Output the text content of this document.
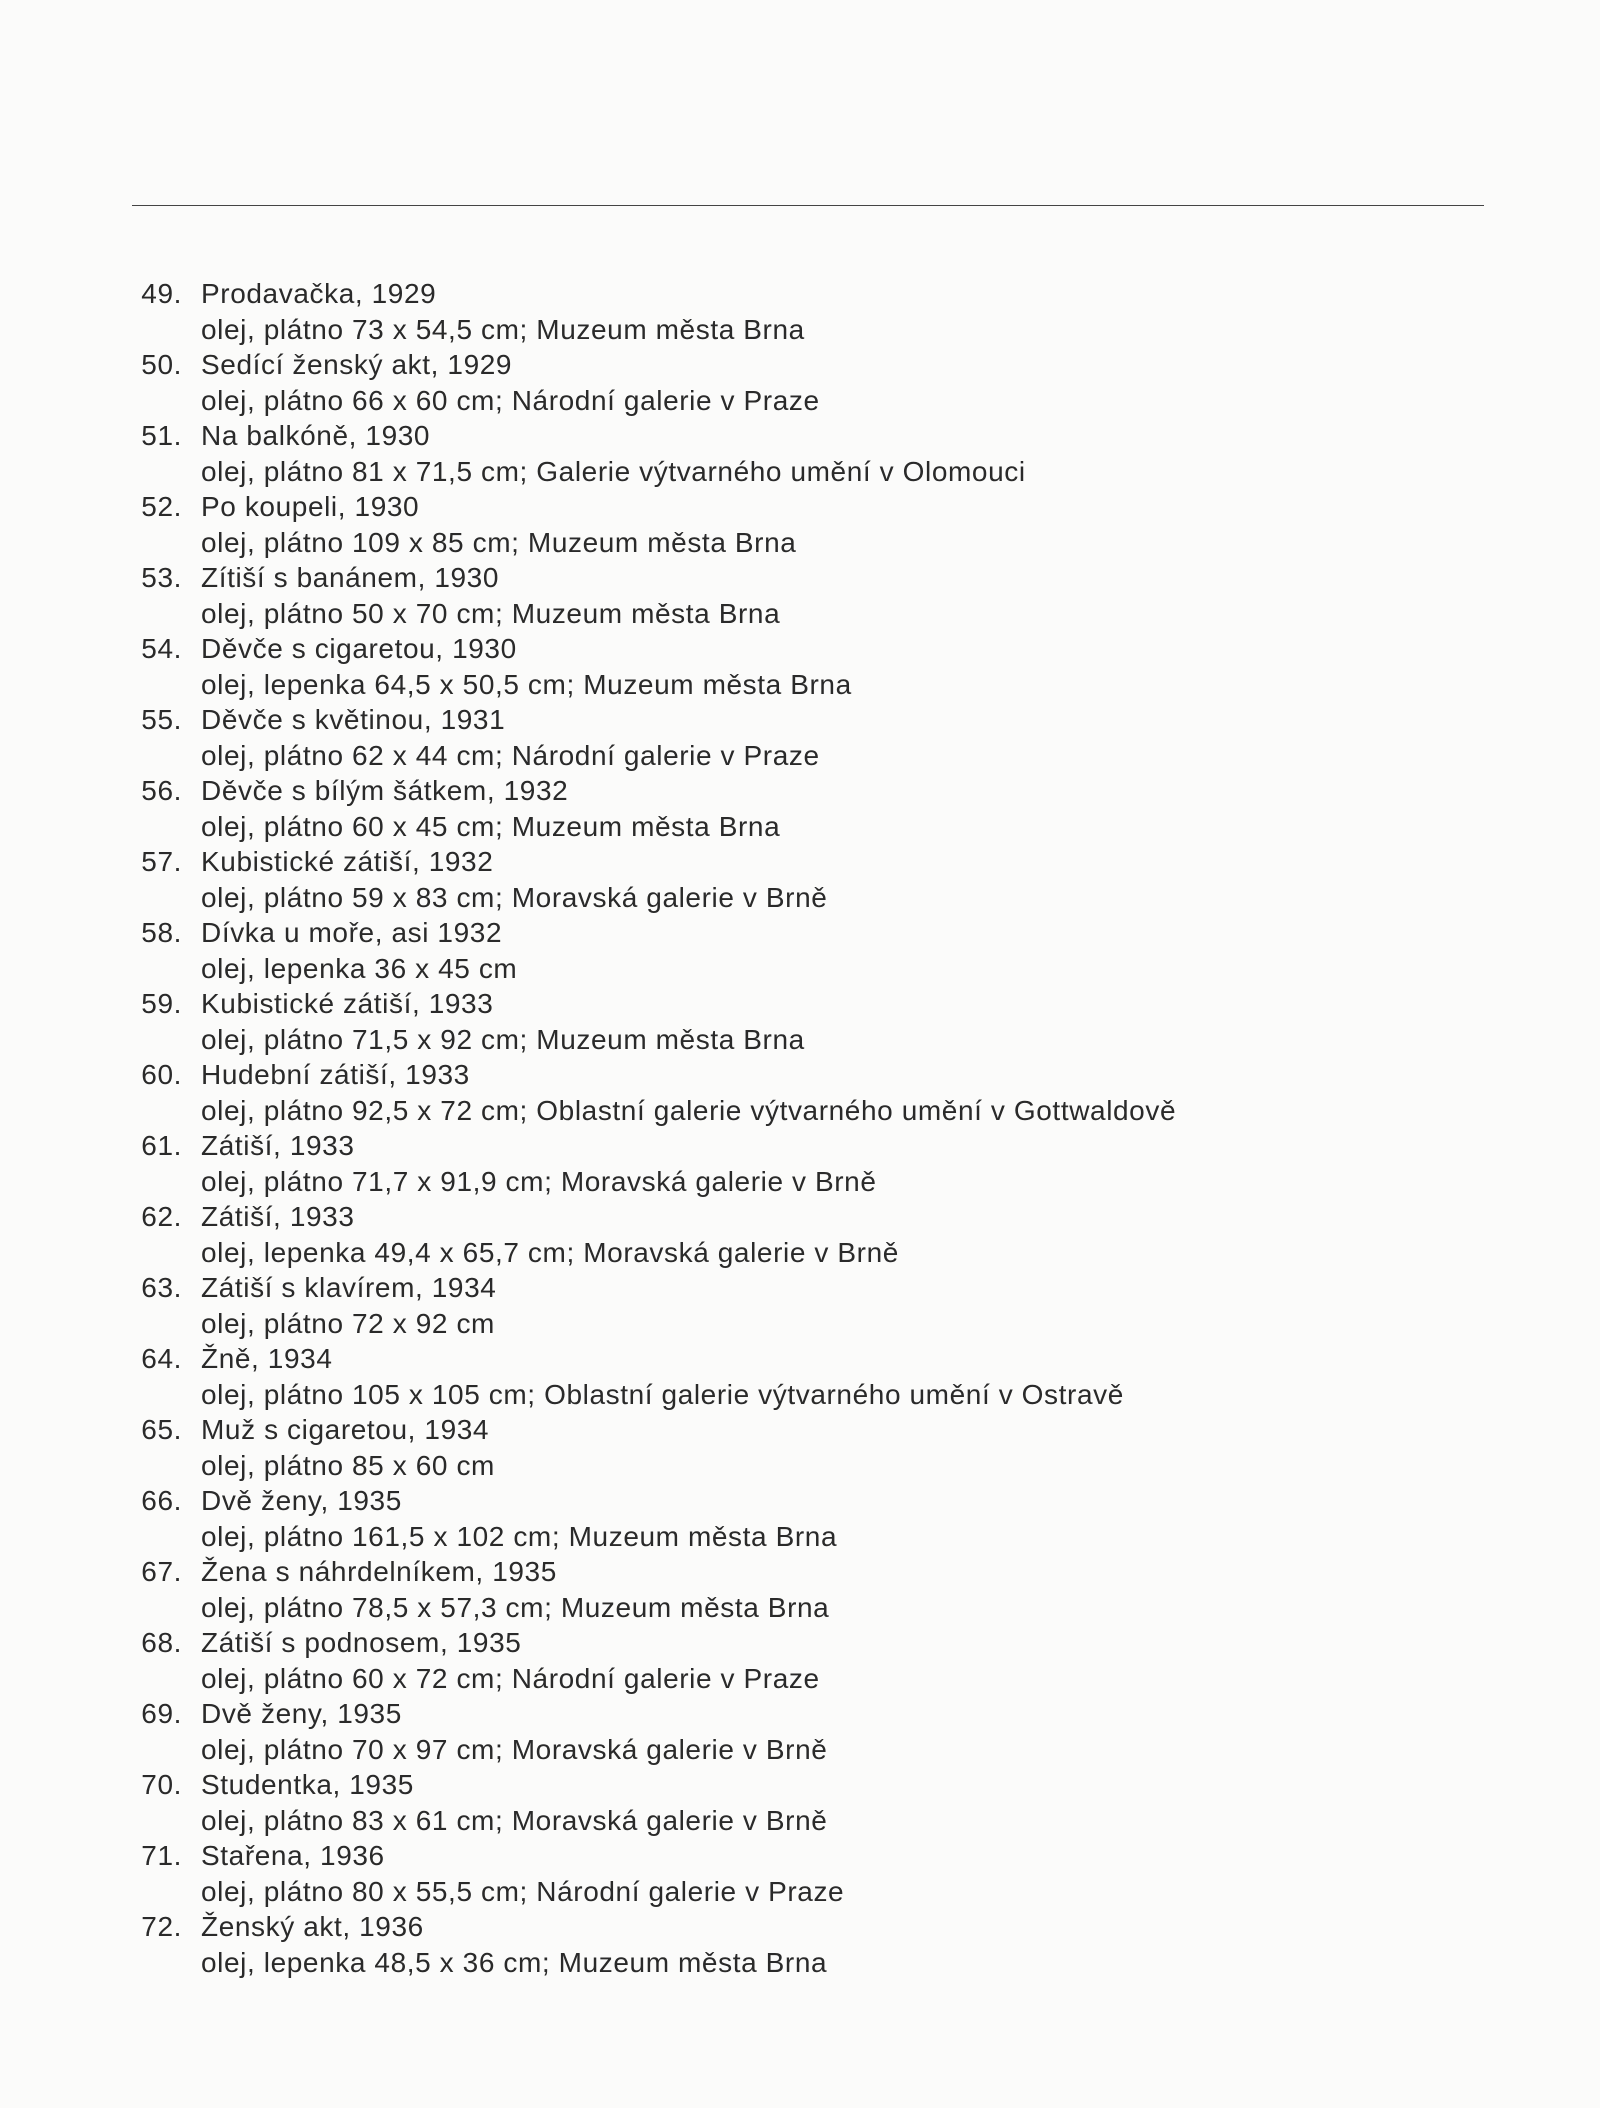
49. Prodavačka, 1929
olej, plátno 73 x 54,5 cm; Muzeum města Brna
50. Sedící ženský akt, 1929
olej, plátno 66 x 60 cm; Národní galerie v Praze
51. Na balkóně, 1930
olej, plátno 81 x 71,5 cm; Galerie výtvarného umění v Olomouci
52. Po koupeli, 1930
olej, plátno 109 x 85 cm; Muzeum města Brna
53. Zítiší s banánem, 1930
olej, plátno 50 x 70 cm; Muzeum města Brna
54. Děvče s cigaretou, 1930
olej, lepenka 64,5 x 50,5 cm; Muzeum města Brna
55. Děvče s květinou, 1931
olej, plátno 62 x 44 cm; Národní galerie v Praze
56. Děvče s bílým šátkem, 1932
olej, plátno 60 x 45 cm; Muzeum města Brna
57. Kubistické zátiší, 1932
olej, plátno 59 x 83 cm; Moravská galerie v Brně
58. Dívka u moře, asi 1932
olej, lepenka 36 x 45 cm
59. Kubistické zátiší, 1933
olej, plátno 71,5 x 92 cm; Muzeum města Brna
60. Hudební zátiší, 1933
olej, plátno 92,5 x 72 cm; Oblastní galerie výtvarného umění v Gottwaldově
61. Zátiší, 1933
olej, plátno 71,7 x 91,9 cm; Moravská galerie v Brně
62. Zátiší, 1933
olej, lepenka 49,4 x 65,7 cm; Moravská galerie v Brně
63. Zátiší s klavírem, 1934
olej, plátno 72 x 92 cm
64. Žně, 1934
olej, plátno 105 x 105 cm; Oblastní galerie výtvarného umění v Ostravě
65. Muž s cigaretou, 1934
olej, plátno 85 x 60 cm
66. Dvě ženy, 1935
olej, plátno 161,5 x 102 cm; Muzeum města Brna
67. Žena s náhrdelníkem, 1935
olej, plátno 78,5 x 57,3 cm; Muzeum města Brna
68. Zátiší s podnosem, 1935
olej, plátno 60 x 72 cm; Národní galerie v Praze
69. Dvě ženy, 1935
olej, plátno 70 x 97 cm; Moravská galerie v Brně
70. Studentka, 1935
olej, plátno 83 x 61 cm; Moravská galerie v Brně
71. Stařena, 1936
olej, plátno 80 x 55,5 cm; Národní galerie v Praze
72. Ženský akt, 1936
olej, lepenka 48,5 x 36 cm; Muzeum města Brna
